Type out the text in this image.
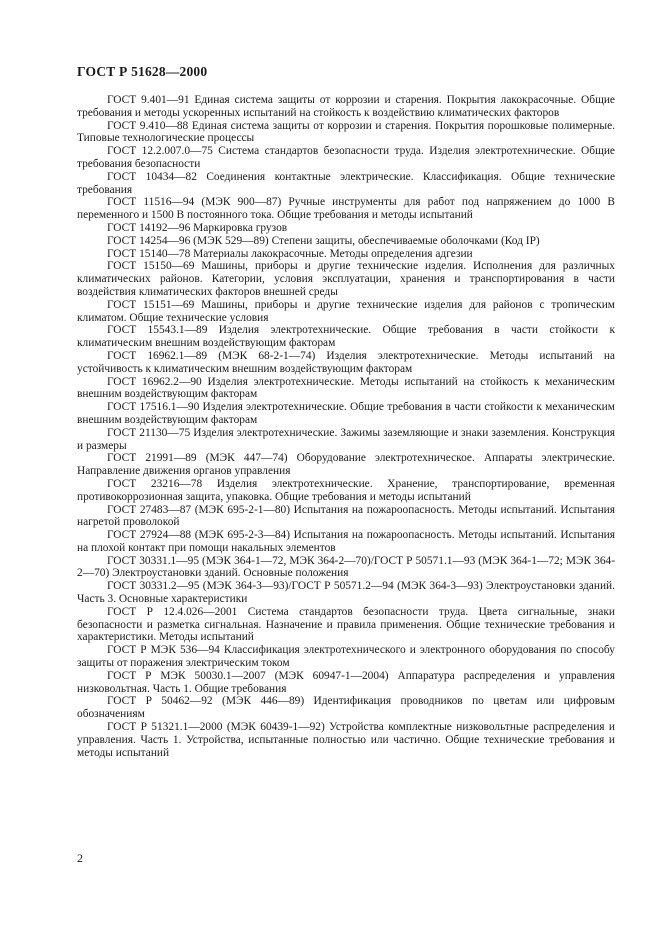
ГОСТ Р 51628—2000

ГОСТ 9.401—91 Единая система защиты от коррозии и старения. Покрытия лакокрасочные. Общие требования и методы ускоренных испытаний на стойкость к воздействию климатических факторов

ГОСТ 9.410—88 Единая система защиты от коррозии и старения. Покрытия порошковые полимерные. Типовые технологические процессы

ГОСТ 12.2.007.0—75 Система стандартов безопасности труда. Изделия электротехнические. Общие требования безопасности

ГОСТ 10434—82 Соединения контактные электрические. Классификация. Общие технические требования

ГОСТ 11516—94 (МЭК 900—87) Ручные инструменты для работ под напряжением до 1000 В переменного и 1500 В постоянного тока. Общие требования и методы испытаний

ГОСТ 14192—96 Маркировка грузов

ГОСТ 14254—96 (МЭК 529—89) Степени защиты, обеспечиваемые оболочками (Код IP)

ГОСТ 15140—78 Материалы лакокрасочные. Методы определения адгезии

ГОСТ 15150—69 Машины, приборы и другие технические изделия. Исполнения для различных климатических районов. Категории, условия эксплуатации, хранения и транспортирования в части воздействия климатических факторов внешней среды

ГОСТ 15151—69 Машины, приборы и другие технические изделия для районов с тропическим климатом. Общие технические условия

ГОСТ 15543.1—89 Изделия электротехнические. Общие требования в части стойкости к климатическим внешним воздействующим факторам

ГОСТ 16962.1—89 (МЭК 68-2-1—74) Изделия электротехнические. Методы испытаний на устойчивость к климатическим внешним воздействующим факторам

ГОСТ 16962.2—90 Изделия электротехнические. Методы испытаний на стойкость к механическим внешним воздействующим факторам

ГОСТ 17516.1—90 Изделия электротехнические. Общие требования в части стойкости к механическим внешним воздействующим факторам

ГОСТ 21130—75 Изделия электротехнические. Зажимы заземляющие и знаки заземления. Конструкция и размеры

ГОСТ 21991—89 (МЭК 447—74) Оборудование электротехническое. Аппараты электрические. Направление движения органов управления

ГОСТ 23216—78 Изделия электротехнические. Хранение, транспортирование, временная противокоррозионная защита, упаковка. Общие требования и методы испытаний

ГОСТ 27483—87 (МЭК 695-2-1—80) Испытания на пожароопасность. Методы испытаний. Испытания нагретой проволокой

ГОСТ 27924—88 (МЭК 695-2-3—84) Испытания на пожароопасность. Методы испытаний. Испытания на плохой контакт при помощи накальных элементов

ГОСТ 30331.1—95 (МЭК 364-1—72, МЭК 364-2—70)/ГОСТ Р 50571.1—93 (МЭК 364-1—72; МЭК 364-2—70) Электроустановки зданий. Основные положения

ГОСТ 30331.2—95 (МЭК 364-3—93)/ГОСТ Р 50571.2—94 (МЭК 364-3—93) Электроустановки зданий. Часть 3. Основные характеристики

ГОСТ Р 12.4.026—2001 Система стандартов безопасности труда. Цвета сигнальные, знаки безопасности и разметка сигнальная. Назначение и правила применения. Общие технические требования и характеристики. Методы испытаний

ГОСТ Р МЭК 536—94 Классификация электротехнического и электронного оборудования по способу защиты от поражения электрическим током

ГОСТ Р МЭК 50030.1—2007 (МЭК 60947-1—2004) Аппаратура распределения и управления низковольтная. Часть 1. Общие требования

ГОСТ Р 50462—92 (МЭК 446—89) Идентификация проводников по цветам или цифровым обозначениям

ГОСТ Р 51321.1—2000 (МЭК 60439-1—92) Устройства комплектные низковольтные распределения и управления. Часть 1. Устройства, испытанные полностью или частично. Общие технические требования и методы испытаний

2
